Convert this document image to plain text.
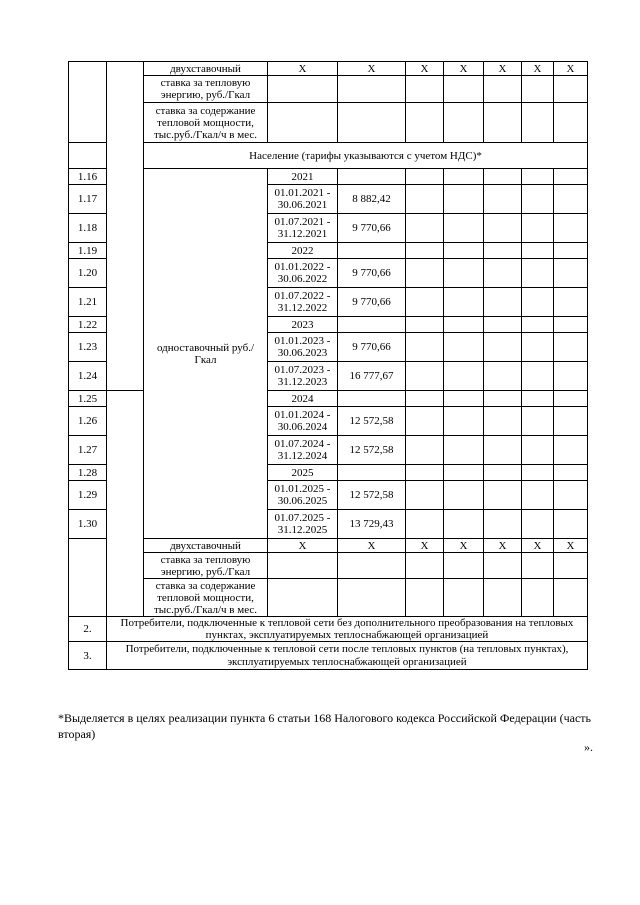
		двухставочный	X	X	X	X	X	X	X	
		ставка за тепловую энергию, руб./Гкал								
		ставка за содержание тепловой мощности, тыс.руб./Гкал/ч в мес.								
		Население (тарифы указываются с учетом НДС)*								
1.16		одноставочный руб./Гкал	2021							
1.17			01.01.2021 - 30.06.2021	8 882,42						
1.18			01.07.2021 - 31.12.2021	9 770,66						
1.19			2022							
1.20			01.01.2022 - 30.06.2022	9 770,66						
1.21			01.07.2022 - 31.12.2022	9 770,66						
1.22			2023							
1.23			01.01.2023 - 30.06.2023	9 770,66						
1.24			01.07.2023 - 31.12.2023	16 777,67						
1.25			2024							
1.26			01.01.2024 - 30.06.2024	12 572,58						
1.27			01.07.2024 - 31.12.2024	12 572,58						
1.28			2025							
1.29			01.01.2025 - 30.06.2025	12 572,58						
1.30			01.07.2025 - 31.12.2025	13 729,43						
		двухставочный	X	X	X	X	X	X	X	
		ставка за тепловую энергию, руб./Гкал								
		ставка за содержание тепловой мощности, тыс.руб./Гкал/ч в мес.								
2.	Потребители, подключенные к тепловой сети без дополнительного преобразования на тепловых пунктах, эксплуатируемых теплоснабжающей организацией									
3.	Потребители, подключенные к тепловой сети после тепловых пунктов (на тепловых пунктах), эксплуатируемых теплоснабжающей организацией									
*Выделяется в целях реализации пункта 6 статьи 168 Налогового кодекса Российской Федерации (часть вторая)
».
